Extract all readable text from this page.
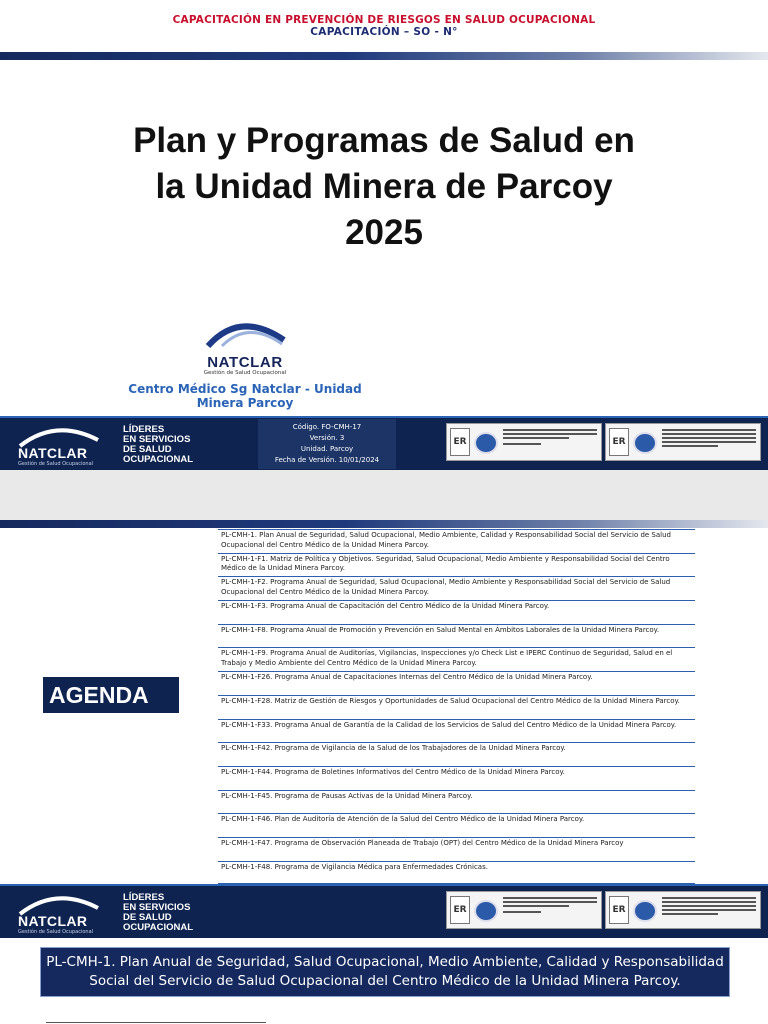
CAPACITACIÓN EN PREVENCIÓN DE RIESGOS EN SALUD OCUPACIONAL
CAPACITACIÓN – SO - N°
Plan y Programas de Salud en
la Unidad Minera de Parcoy
2025
NATCLAR
Gestión de Salud Ocupacional
Centro Médico Sg Natclar - Unidad
Minera Parcoy
NATCLAR
Gestión de Salud Ocupacional
LÍDERES
EN SERVICIOS
DE SALUD
OCUPACIONAL
Código. FO-CMH-17
Versión. 3
Unidad. Parcoy
Fecha de Versión. 10/01/2024
ER	ER
AGENDA
PL-CMH-1. Plan Anual de Seguridad, Salud Ocupacional, Medio Ambiente, Calidad y Responsabilidad Social del Servicio de Salud Ocupacional del Centro Médico de la Unidad Minera Parcoy.
PL-CMH-1-F1. Matriz de Política y Objetivos. Seguridad, Salud Ocupacional, Medio Ambiente y Responsabilidad Social del Centro Médico de la Unidad Minera Parcoy.
PL-CMH-1-F2. Programa Anual de Seguridad, Salud Ocupacional, Medio Ambiente y Responsabilidad Social del Servicio de Salud Ocupacional del Centro Médico de la Unidad Minera Parcoy.
PL-CMH-1-F3. Programa Anual de Capacitación del Centro Médico de la Unidad Minera Parcoy.
PL-CMH-1-F8. Programa Anual de Promoción y Prevención en Salud Mental en Ámbitos Laborales de la Unidad Minera Parcoy.
PL-CMH-1-F9. Programa Anual de Auditorías, Vigilancias, Inspecciones y/o Check List e IPERC Continuo de Seguridad, Salud en el Trabajo y Medio Ambiente del Centro Médico de la Unidad Minera Parcoy.
PL-CMH-1-F26. Programa Anual de Capacitaciones Internas del Centro Médico de la Unidad Minera Parcoy.
PL-CMH-1-F28. Matriz de Gestión de Riesgos y Oportunidades de Salud Ocupacional del Centro Médico de la Unidad Minera Parcoy.
PL-CMH-1-F33. Programa Anual de Garantía de la Calidad de los Servicios de Salud del Centro Médico de la Unidad Minera Parcoy.
PL-CMH-1-F42. Programa de Vigilancia de la Salud de los Trabajadores de la Unidad Minera Parcoy.
PL-CMH-1-F44. Programa de Boletines Informativos del Centro Médico de la Unidad Minera Parcoy.
PL-CMH-1-F45. Programa de Pausas Activas de la Unidad Minera Parcoy.
PL-CMH-1-F46. Plan de Auditoría de Atención de la Salud del Centro Médico de la Unidad Minera Parcoy.
PL-CMH-1-F47. Programa de Observación Planeada de Trabajo (OPT) del Centro Médico de la Unidad Minera Parcoy
PL-CMH-1-F48. Programa de Vigilancia Médica para Enfermedades Crónicas.
NATCLAR
Gestión de Salud Ocupacional
LÍDERES
EN SERVICIOS
DE SALUD
OCUPACIONAL
ER	ER
PL-CMH-1. Plan Anual de Seguridad, Salud Ocupacional, Medio Ambiente, Calidad y Responsabilidad
Social del Servicio de Salud Ocupacional del Centro Médico de la Unidad Minera Parcoy.
